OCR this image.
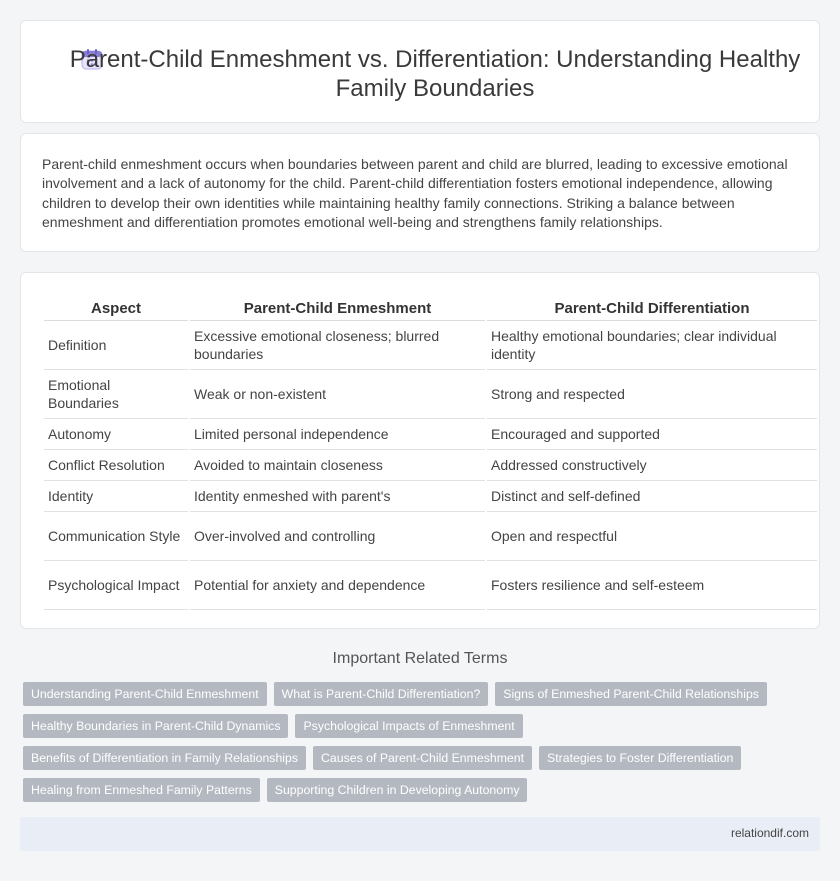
Parent-Child Enmeshment vs. Differentiation: Understanding Healthy Family Boundaries

Parent-child enmeshment occurs when boundaries between parent and child are blurred, leading to excessive emotional involvement and a lack of autonomy for the child. Parent-child differentiation fosters emotional independence, allowing children to develop their own identities while maintaining healthy family connections. Striking a balance between enmeshment and differentiation promotes emotional well-being and strengthens family relationships.

Aspect	Parent-Child Enmeshment	Parent-Child Differentiation
Definition	Excessive emotional closeness; blurred boundaries	Healthy emotional boundaries; clear individual identity
Emotional Boundaries	Weak or non-existent	Strong and respected
Autonomy	Limited personal independence	Encouraged and supported
Conflict Resolution	Avoided to maintain closeness	Addressed constructively
Identity	Identity enmeshed with parent's	Distinct and self-defined
Communication Style	Over-involved and controlling	Open and respectful
Psychological Impact	Potential for anxiety and dependence	Fosters resilience and self-esteem
Important Related Terms
Understanding Parent-Child Enmeshment	What is Parent-Child Differentiation?	Signs of Enmeshed Parent-Child Relationships
Healthy Boundaries in Parent-Child Dynamics	Psychological Impacts of Enmeshment
Benefits of Differentiation in Family Relationships	Causes of Parent-Child Enmeshment	Strategies to Foster Differentiation
Healing from Enmeshed Family Patterns	Supporting Children in Developing Autonomy
relationdif.com
